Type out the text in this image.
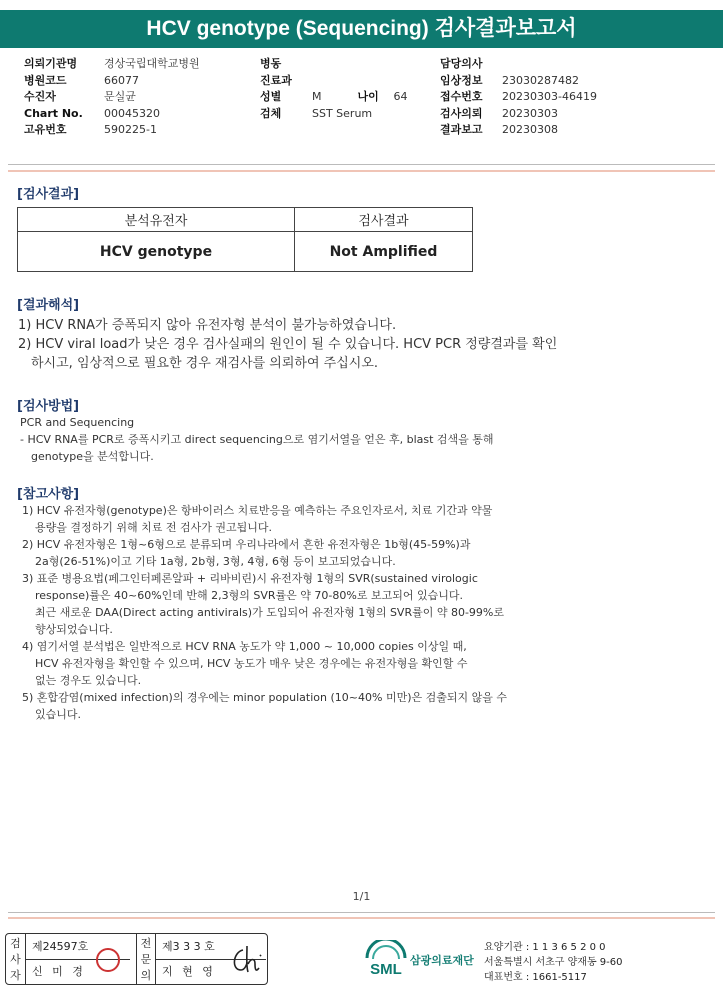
HCV genotype (Sequencing) 검사결과보고서
의뢰기관명 경상국립대학교병원
병원코드	66077
수진자	문실균
Chart No. 00045320
고유번호	590225-1
병동
진료과
성별	M	나이 64
검체	SST Serum
담당의사
임상정보 23030287482
접수번호 20230303-46419
검사의뢰 20230303
결과보고 20230308
[검사결과]
분석유전자	검사결과
HCV genotype	Not Amplified
[결과해석]
1) HCV RNA가 증폭되지 않아 유전자형 분석이 불가능하였습니다.
2) HCV viral load가 낮은 경우 검사실패의 원인이 될 수 있습니다. HCV PCR 정량결과를 확인
하시고, 임상적으로 필요한 경우 재검사를 의뢰하여 주십시오.
[검사방법]
PCR and Sequencing
- HCV RNA를 PCR로 증폭시키고 direct sequencing으로 염기서열을 얻은 후, blast 검색을 통해
genotype을 분석합니다.
[참고사항]
1) HCV 유전자형(genotype)은 항바이러스 치료반응을 예측하는 주요인자로서, 치료 기간과 약물
용량을 결정하기 위해 치료 전 검사가 권고됩니다.
2) HCV 유전자형은 1형~6형으로 분류되며 우리나라에서 흔한 유전자형은 1b형(45-59%)과
2a형(26-51%)이고 기타 1a형, 2b형, 3형, 4형, 6형 등이 보고되었습니다.
3) 표준 병용요법(페그인터페론알파 + 리바비린)시 유전자형 1형의 SVR(sustained virologic
response)률은 40~60%인데 반해 2,3형의 SVR률은 약 70-80%로 보고되어 있습니다.
최근 새로운 DAA(Direct acting antivirals)가 도입되어 유전자형 1형의 SVR률이 약 80-99%로
향상되었습니다.
4) 염기서열 분석법은 일반적으로 HCV RNA 농도가 약 1,000 ~ 10,000 copies 이상일 때,
HCV 유전자형을 확인할 수 있으며, HCV 농도가 매우 낮은 경우에는 유전자형을 확인할 수
없는 경우도 있습니다.
5) 혼합감염(mixed infection)의 경우에는 minor population (10~40% 미만)은 검출되지 않을 수
있습니다.
1/1
검사자
제24597호
신 미 경
전문의
제3 3 3 호
지 현 영	SML
삼광의료재단
요양기관 : 1 1 3 6 5 2 0 0
서울특별시 서초구 양재동 9-60
대표번호 : 1661-5117
